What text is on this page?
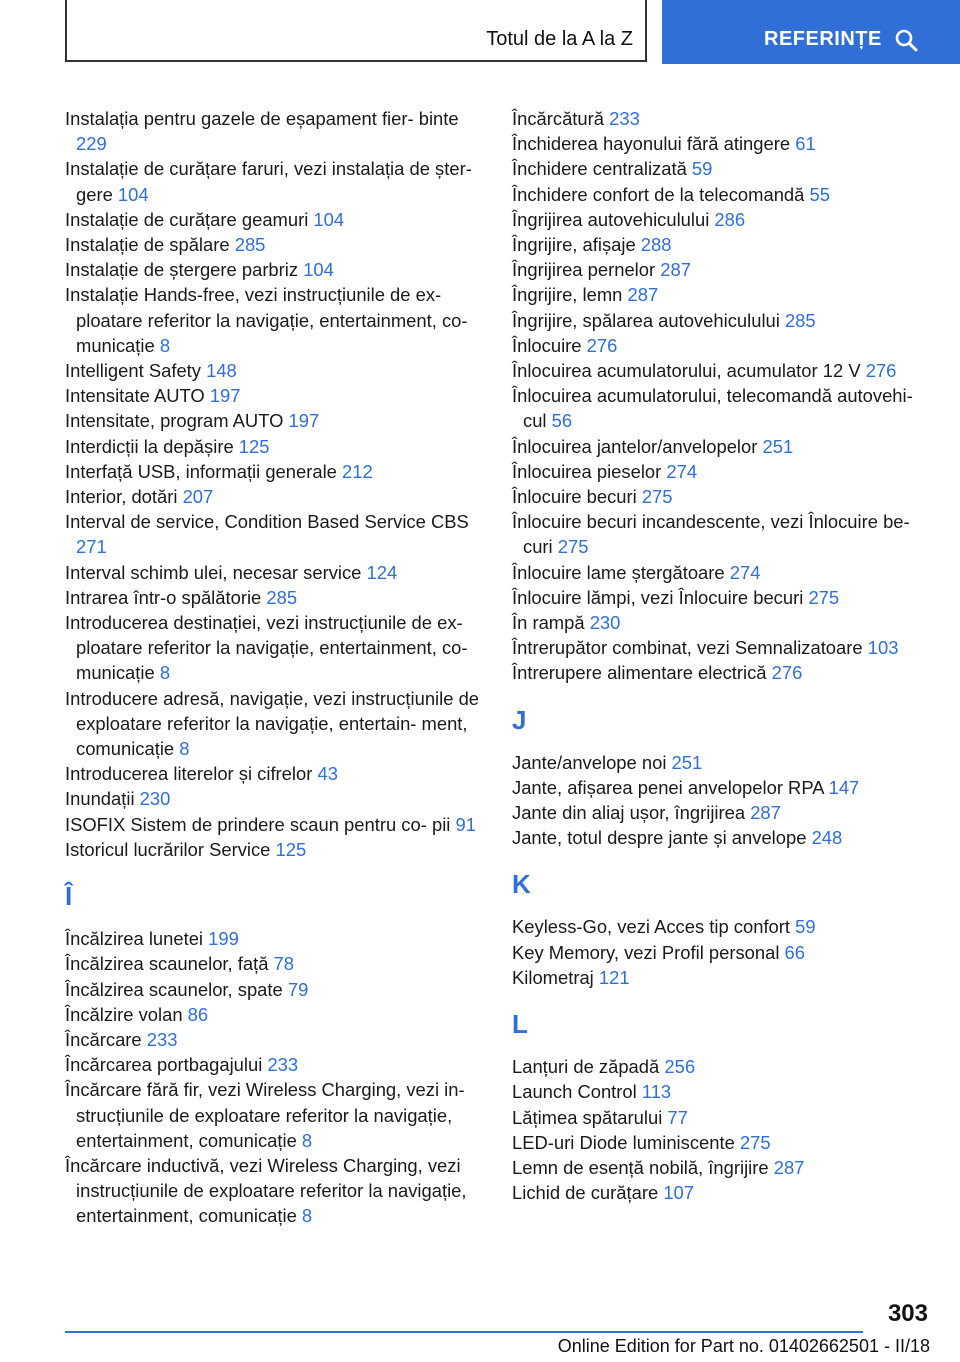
Totul de la A la Z	REFERINȚE
Instalația pentru gazele de eșapament fier- binte 229
Instalație de curățare faruri, vezi instalația de șter- gere 104
Instalație de curățare geamuri 104
Instalație de spălare 285
Instalație de ștergere parbriz 104
Instalație Hands-free, vezi instrucțiunile de ex- ploatare referitor la navigație, entertainment, co- municație 8
Intelligent Safety 148
Intensitate AUTO 197
Intensitate, program AUTO 197
Interdicții la depășire 125
Interfață USB, informații generale 212
Interior, dotări 207
Interval de service, Condition Based Service CBS 271
Interval schimb ulei, necesar service 124
Intrarea într-o spălătorie 285
Introducerea destinației, vezi instrucțiunile de ex- ploatare referitor la navigație, entertainment, co- municație 8
Introducere adresă, navigație, vezi instrucțiunile de exploatare referitor la navigație, entertain- ment, comunicație 8
Introducerea literelor și cifrelor 43
Inundații 230
ISOFIX Sistem de prindere scaun pentru co- pii 91
Istoricul lucrărilor Service 125
Î
Încălzirea lunetei 199
Încălzirea scaunelor, față 78
Încălzirea scaunelor, spate 79
Încălzire volan 86
Încărcare 233
Încărcarea portbagajului 233
Încărcare fără fir, vezi Wireless Charging, vezi in- strucțiunile de exploatare referitor la navigație, entertainment, comunicație 8
Încărcare inductivă, vezi Wireless Charging, vezi instrucțiunile de exploatare referitor la navigație, entertainment, comunicație 8
Încărcătură 233
Închiderea hayonului fără atingere 61
Închidere centralizată 59
Închidere confort de la telecomandă 55
Îngrijirea autovehiculului 286
Îngrijire, afișaje 288
Îngrijirea pernelor 287
Îngrijire, lemn 287
Îngrijire, spălarea autovehiculului 285
Înlocuire 276
Înlocuirea acumulatorului, acumulator 12 V 276
Înlocuirea acumulatorului, telecomandă autovehi- cul 56
Înlocuirea jantelor/anvelopelor 251
Înlocuirea pieselor 274
Înlocuire becuri 275
Înlocuire becuri incandescente, vezi Înlocuire be- curi 275
Înlocuire lame ștergătoare 274
Înlocuire lămpi, vezi Înlocuire becuri 275
În rampă 230
Întrerupător combinat, vezi Semnalizatoare 103
Întrerupere alimentare electrică 276
J
Jante/anvelope noi 251
Jante, afișarea penei anvelopelor RPA 147
Jante din aliaj ușor, îngrijirea 287
Jante, totul despre jante și anvelope 248
K
Keyless-Go, vezi Acces tip confort 59
Key Memory, vezi Profil personal 66
Kilometraj 121
L
Lanțuri de zăpadă 256
Launch Control 113
Lățimea spătarului 77
LED-uri Diode luminiscente 275
Lemn de esență nobilă, îngrijire 287
Lichid de curățare 107
303
Online Edition for Part no. 01402662501 - II/18
